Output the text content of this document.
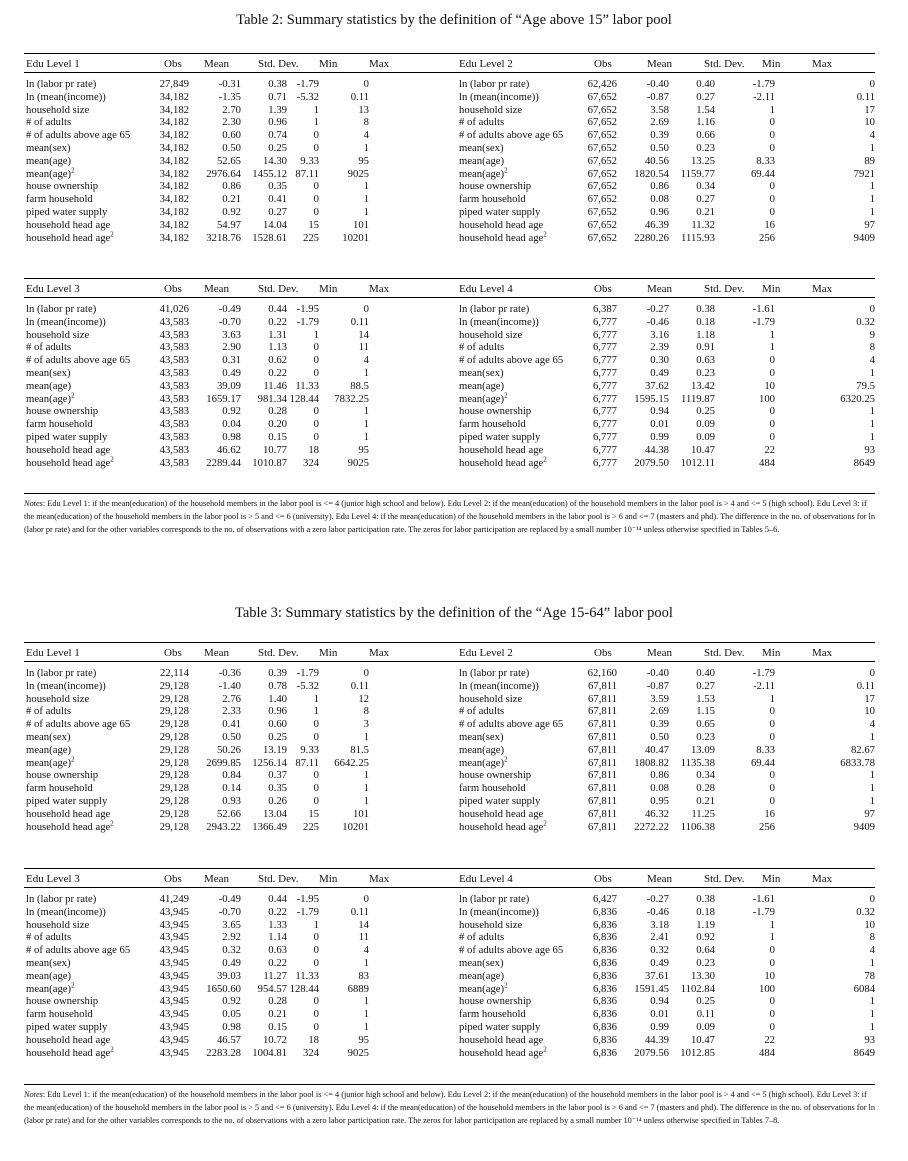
Table 2: Summary statistics by the definition of “Age above 15” labor pool
Edu Level 1	Obs Mean	Std. Dev. Min	Max
ln (labor pr rate)	27,849	-0.31	0.38 -1.79	0
ln (mean(income))	34,182	-1.35	0.71 -5.32	0.11
household size	34,182	2.70	1.39 1	13
# of adults	34,182	2.30	0.96 1	8
# of adults above age 65	34,182	0.60	0.74 0	4
mean(sex)	34,182	0.50	0.25 0	1
mean(age)	34,182	52.65 14.30 9.33	95
mean(age)$^2$	34,182 2976.64 1455.12 87.11	9025
house ownership	34,182	0.86	0.35 0	1
farm household	34,182	0.21	0.41 0	1
piped water supply	34,182	0.92	0.27 0	1
household head age	34,182	54.97 14.04 15	101
household head age$^2$	34,182 3218.76 1528.61 225 10201
Edu Level 2	Obs	Mean	Std. Dev. Min	Max
ln (labor pr rate)	62,426	-0.40	0.40	-1.79	0
ln (mean(income))	67,652	-0.87	0.27	-2.11	0.11
household size	67,652	3.58	1.54	1	17
# of adults	67,652	2.69	1.16	0	10
# of adults above age 65 67,652	0.39	0.66	0	4
mean(sex)	67,652	0.50	0.23	0	1
mean(age)	67,652	40.56 13.25	8.33	89
mean(age)$^2$	67,652 1820.54 1159.77	69.44	7921
house ownership	67,652	0.86	0.34	0	1
farm household	67,652	0.08	0.27	0	1
piped water supply	67,652	0.96	0.21	0	1
household head age	67,652	46.39 11.32	16	97
household head age$^2$	67,652 2280.26 1115.93	256	9409
Edu Level 3	Obs Mean	Std. Dev. Min	Max
ln (labor pr rate)	41,026	-0.49	0.44 -1.95	0
ln (mean(income))	43,583	-0.70	0.22 -1.79	0.11
household size	43,583	3.63	1.31 1	14
# of adults	43,583	2.90	1.13 0	11
# of adults above age 65	43,583	0.31	0.62 0	4
mean(sex)	43,583	0.49	0.22 0	1
mean(age)	43,583	39.09 11.46 11.33	88.5
mean(age)$^2$	43,583 1659.17 981.34 128.44 7832.25
house ownership	43,583	0.92	0.28 0	1
farm household	43,583	0.04	0.20 0	1
piped water supply	43,583	0.98	0.15 0	1
household head age	43,583	46.62 10.77 18	95
household head age$^2$	43,583 2289.44 1010.87 324	9025
Edu Level 4	Obs	Mean	Std. Dev. Min	Max
ln (labor pr rate)	6,387	-0.27	0.38	-1.61	0
ln (mean(income))	6,777	-0.46	0.18	-1.79	0.32
household size	6,777	3.16	1.18	1	9
# of adults	6,777	2.39	0.91	1	8
# of adults above age 65	6,777	0.30	0.63	0	4
mean(sex)	6,777	0.49	0.23	0	1
mean(age)	6,777	37.62 13.42	10	79.5
mean(age)$^2$	6,777 1595.15 1119.87	100	6320.25
house ownership	6,777	0.94	0.25	0	1
farm household	6,777	0.01	0.09	0	1
piped water supply	6,777	0.99	0.09	0	1
household head age	6,777	44.38 10.47	22	93
household head age$^2$	6,777 2079.50 1012.11	484	8649
Notes: Edu Level 1: if the mean(education) of the household members in the labor pool is <= 4 (junior high school and below). Edu Level 2: if the mean(education) of the household members in the labor pool is > 4 and <= 5 (high school). Edu Level 3: if the mean(education) of the household members in the labor pool is > 5 and <= 6 (university). Edu Level 4: if the mean(education) of the household members in the labor pool is > 6 and <= 7 (masters and phd). The difference in the no. of observations for ln (labor pr rate) and for the other variables corresponds to the no. of observations with a zero labor participation rate. The zeros for labor participation are replaced by a small number 10⁻¹⁴ unless otherwise specified in Tables 5–6.
Table 3: Summary statistics by the definition of the “Age 15-64” labor pool
Edu Level 1	Obs Mean	Std. Dev. Min	Max
ln (labor pr rate)	22,114	-0.36	0.39 -1.79	0
ln (mean(income))	29,128	-1.40	0.78 -5.32	0.11
household size	29,128	2.76	1.40 1	12
# of adults	29,128	2.33	0.96 1	8
# of adults above age 65	29,128	0.41	0.60 0	3
mean(sex)	29,128	0.50	0.25 0	1
mean(age)	29,128	50.26 13.19 9.33	81.5
mean(age)$^2$	29,128 2699.85 1256.14 87.11 6642.25
house ownership	29,128	0.84	0.37 0	1
farm household	29,128	0.14	0.35 0	1
piped water supply	29,128	0.93	0.26 0	1
household head age	29,128	52.66 13.04 15	101
household head age$^2$	29,128 2943.22 1366.49 225 10201
Edu Level 2	Obs	Mean	Std. Dev. Min	Max
ln (labor pr rate)	62,160	-0.40	0.40	-1.79	0
ln (mean(income))	67,811	-0.87	0.27	-2.11	0.11
household size	67,811	3.59	1.53	1	17
# of adults	67,811	2.69	1.15	0	10
# of adults above age 65 67,811	0.39	0.65	0	4
mean(sex)	67,811	0.50	0.23	0	1
mean(age)	67,811	40.47 13.09	8.33	82.67
mean(age)$^2$	67,811 1808.82 1135.38	69.44	6833.78
house ownership	67,811	0.86	0.34	0	1
farm household	67,811	0.08	0.28	0	1
piped water supply	67,811	0.95	0.21	0	1
household head age	67,811	46.32 11.25	16	97
household head age$^2$	67,811 2272.22 1106.38	256	9409
Edu Level 3	Obs Mean	Std. Dev. Min	Max
ln (labor pr rate)	41,249	-0.49	0.44 -1.95	0
ln (mean(income))	43,945	-0.70	0.22 -1.79	0.11
household size	43,945	3.65	1.33 1	14
# of adults	43,945	2.92	1.14 0	11
# of adults above age 65	43,945	0.32	0.63 0	4
mean(sex)	43,945	0.49	0.22 0	1
mean(age)	43,945	39.03 11.27 11.33	83
mean(age)$^2$	43,945 1650.60 954.57 128.44	6889
house ownership	43,945	0.92	0.28 0	1
farm household	43,945	0.05	0.21 0	1
piped water supply	43,945	0.98	0.15 0	1
household head age	43,945	46.57 10.72 18	95
household head age$^2$	43,945 2283.28 1004.81 324	9025
Edu Level 4	Obs	Mean	Std. Dev. Min	Max
ln (labor pr rate)	6,427	-0.27	0.38	-1.61	0
ln (mean(income))	6,836	-0.46	0.18	-1.79	0.32
household size	6,836	3.18	1.19	1	10
# of adults	6,836	2.41	0.92	1	8
# of adults above age 65	6,836	0.32	0.64	0	4
mean(sex)	6,836	0.49	0.23	0	1
mean(age)	6,836	37.61 13.30	10	78
mean(age)$^2$	6,836 1591.45 1102.84	100	6084
house ownership	6,836	0.94	0.25	0	1
farm household	6,836	0.01	0.11	0	1
piped water supply	6,836	0.99	0.09	0	1
household head age	6,836	44.39 10.47	22	93
household head age$^2$	6,836 2079.56 1012.85	484	8649
Notes: Edu Level 1: if the mean(education) of the household members in the labor pool is <= 4 (junior high school and below). Edu Level 2: if the mean(education) of the household members in the labor pool is > 4 and <= 5 (high school). Edu Level 3: if the mean(education) of the household members in the labor pool is > 5 and <= 6 (university). Edu Level 4: if the mean(education) of the household members in the labor pool is > 6 and <= 7 (masters and phd). The difference in the no. of observations for ln (labor pr rate) and for the other variables corresponds to the no. of observations with a zero labor participation rate. The zeros for labor participation are replaced by a small number 10⁻¹⁴ unless otherwise specified in Tables 7–8.
